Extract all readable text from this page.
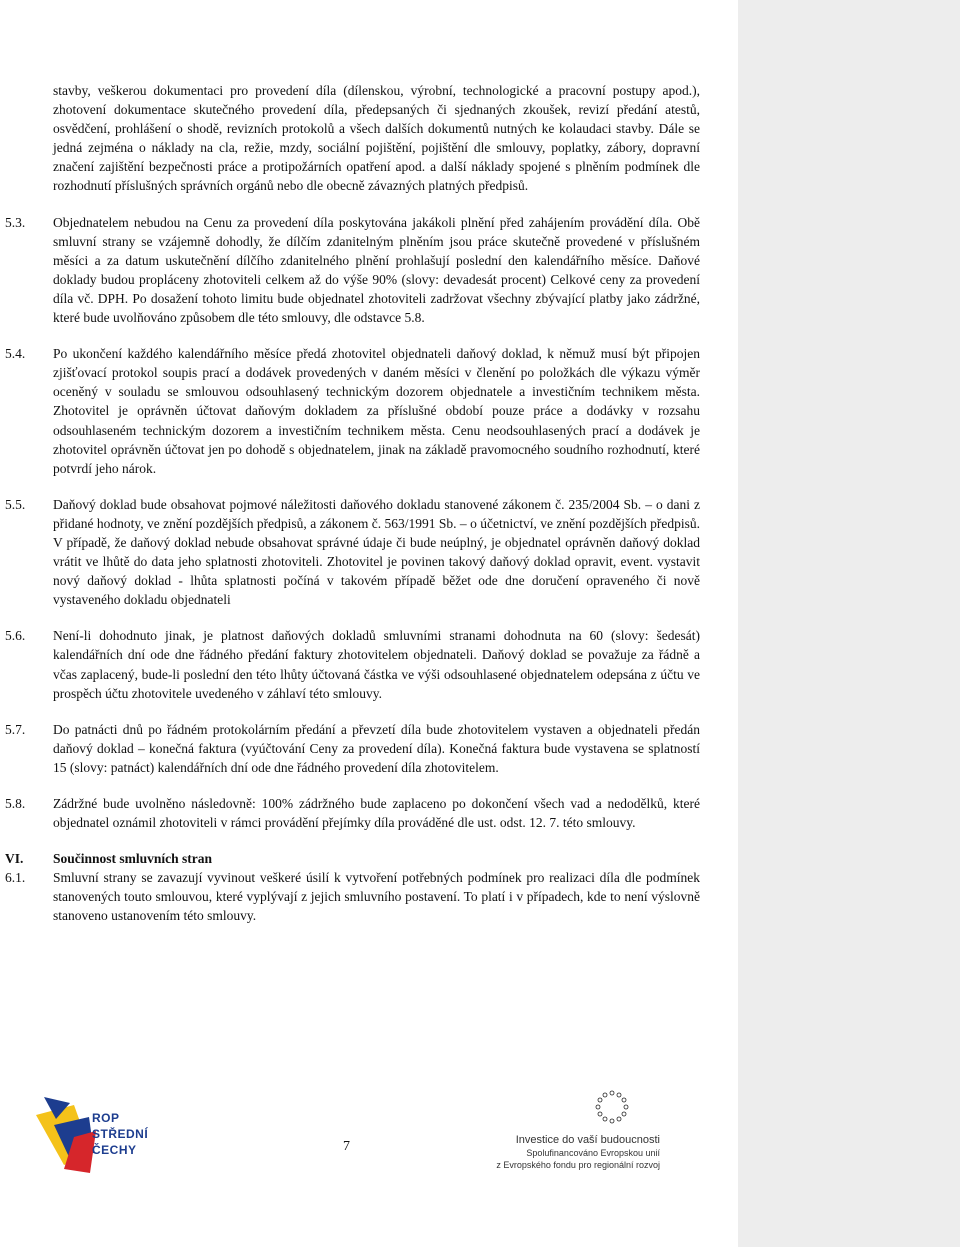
stavby, veškerou dokumentaci pro provedení díla (dílenskou, výrobní, technologické a pracovní postupy apod.), zhotovení dokumentace skutečného provedení díla, předepsaných či sjednaných zkoušek, revizí předání atestů, osvědčení, prohlášení o shodě, revizních protokolů a všech dalších dokumentů nutných ke kolaudaci stavby. Dále se jedná zejména o náklady na cla, režie, mzdy, sociální pojištění, pojištění dle smlouvy, poplatky, zábory, dopravní značení zajištění bezpečnosti práce a protipožárních opatření apod. a další náklady spojené s plněním podmínek dle rozhodnutí příslušných správních orgánů nebo dle obecně závazných platných předpisů.

5.3. Objednatelem nebudou na Cenu za provedení díla poskytována jakákoli plnění před zahájením provádění díla. Obě smluvní strany se vzájemně dohodly, že dílčím zdanitelným plněním jsou práce skutečně provedené v příslušném měsíci a za datum uskutečnění dílčího zdanitelného plnění prohlašují poslední den kalendářního měsíce. Daňové doklady budou propláceny zhotoviteli celkem až do výše 90% (slovy: devadesát procent) Celkové ceny za provedení díla vč. DPH. Po dosažení tohoto limitu bude objednatel zhotoviteli zadržovat všechny zbývající platby jako zádržné, které bude uvolňováno způsobem dle této smlouvy, dle odstavce 5.8.

5.4. Po ukončení každého kalendářního měsíce předá zhotovitel objednateli daňový doklad, k němuž musí být připojen zjišťovací protokol soupis prací a dodávek provedených v daném měsíci v členění po položkách dle výkazu výměr oceněný v souladu se smlouvou odsouhlasený technickým dozorem objednatele a investičním technikem města. Zhotovitel je oprávněn účtovat daňovým dokladem za příslušné období pouze práce a dodávky v rozsahu odsouhlaseném technickým dozorem a investičním technikem města. Cenu neodsouhlasených prací a dodávek je zhotovitel oprávněn účtovat jen po dohodě s objednatelem, jinak na základě pravomocného soudního rozhodnutí, které potvrdí jeho nárok.

5.5. Daňový doklad bude obsahovat pojmové náležitosti daňového dokladu stanovené zákonem č. 235/2004 Sb. – o dani z přidané hodnoty, ve znění pozdějších předpisů, a zákonem č. 563/1991 Sb. – o účetnictví, ve znění pozdějších předpisů. V případě, že daňový doklad nebude obsahovat správné údaje či bude neúplný, je objednatel oprávněn daňový doklad vrátit ve lhůtě do data jeho splatnosti zhotoviteli. Zhotovitel je povinen takový daňový doklad opravit, event. vystavit nový daňový doklad - lhůta splatnosti počíná v takovém případě běžet ode dne doručení opraveného či nově vystaveného dokladu objednateli

5.6. Není-li dohodnuto jinak, je platnost daňových dokladů smluvními stranami dohodnuta na 60 (slovy: šedesát) kalendářních dní ode dne řádného předání faktury zhotovitelem objednateli. Daňový doklad se považuje za řádně a včas zaplacený, bude-li poslední den této lhůty účtovaná částka ve výši odsouhlasené objednatelem odepsána z účtu ve prospěch účtu zhotovitele uvedeného v záhlaví této smlouvy.

5.7. Do patnácti dnů po řádném protokolárním předání a převzetí díla bude zhotovitelem vystaven a objednateli předán daňový doklad – konečná faktura (vyúčtování Ceny za provedení díla). Konečná faktura bude vystavena se splatností 15 (slovy: patnáct) kalendářních dní ode dne řádného provedení díla zhotovitelem.

5.8. Zádržné bude uvolněno následovně: 100% zádržného bude zaplaceno po dokončení všech vad a nedodělků, které objednatel oznámil zhotoviteli v rámci provádění přejímky díla prováděné dle ust. odst. 12. 7. této smlouvy.

VI. Součinnost smluvních stran

6.1. Smluvní strany se zavazují vyvinout veškeré úsilí k vytvoření potřebných podmínek pro realizaci díla dle podmínek stanovených touto smlouvou, které vyplývají z jejich smluvního postavení. To platí i v případech, kde to není výslovně stanoveno ustanovením této smlouvy.

ROP
STŘEDNÍ
ČECHY	7	Investice do vaší budoucnosti
Spolufinancováno Evropskou unií
z Evropského fondu pro regionální rozvoj
